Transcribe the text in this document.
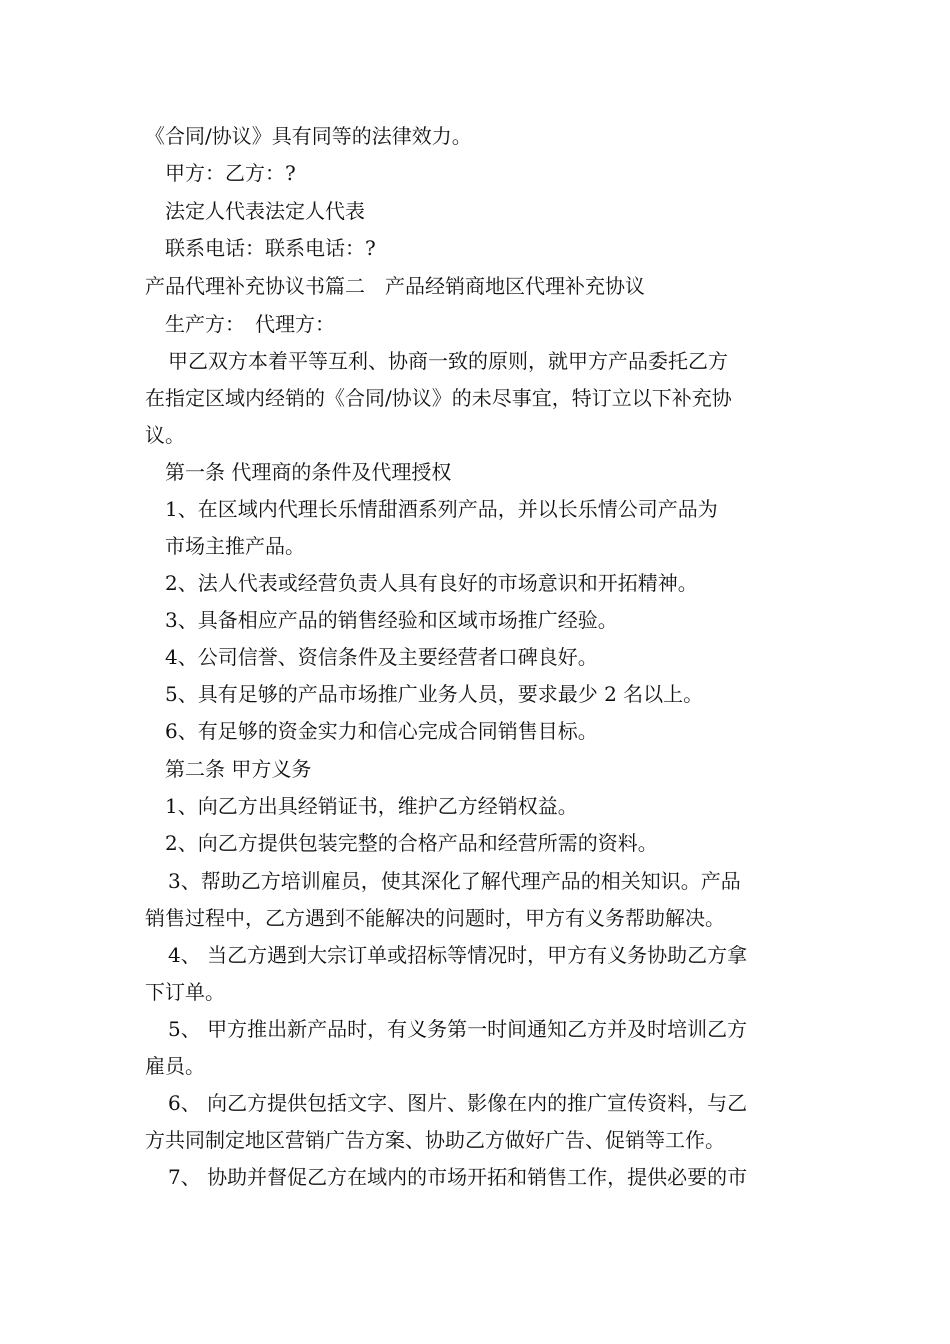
《合同/协议》具有同等的法律效力。
甲方：乙方：?
法定人代表法定人代表
联系电话：联系电话：?
产品代理补充协议书篇二　产品经销商地区代理补充协议
生产方：　代理方：
甲乙双方本着平等互利、协商一致的原则，就甲方产品委托乙方
在指定区域内经销的《合同/协议》的未尽事宜，特订立以下补充协
议。
第一条 代理商的条件及代理授权
1、在区域内代理长乐情甜酒系列产品，并以长乐情公司产品为
市场主推产品。
2、法人代表或经营负责人具有良好的市场意识和开拓精神。
3、具备相应产品的销售经验和区域市场推广经验。
4、公司信誉、资信条件及主要经营者口碑良好。
5、具有足够的产品市场推广业务人员，要求最少 2 名以上。
6、有足够的资金实力和信心完成合同销售目标。
第二条 甲方义务
1、向乙方出具经销证书，维护乙方经销权益。
2、向乙方提供包装完整的合格产品和经营所需的资料。
3、帮助乙方培训雇员，使其深化了解代理产品的相关知识。产品
销售过程中，乙方遇到不能解决的问题时，甲方有义务帮助解决。
4、 当乙方遇到大宗订单或招标等情况时，甲方有义务协助乙方拿
下订单。
5、 甲方推出新产品时，有义务第一时间通知乙方并及时培训乙方
雇员。
6、 向乙方提供包括文字、图片、影像在内的推广宣传资料，与乙
方共同制定地区营销广告方案、协助乙方做好广告、促销等工作。
7、 协助并督促乙方在域内的市场开拓和销售工作，提供必要的市
